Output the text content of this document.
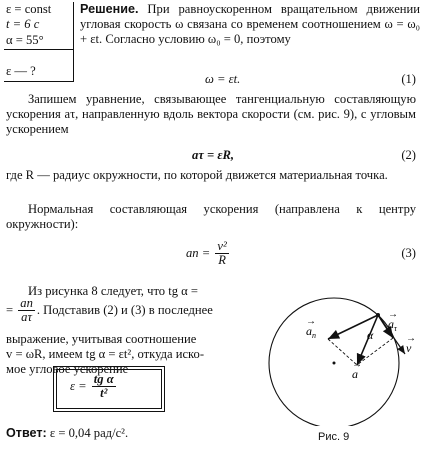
ε = const
t = 6 c
α = 55°
ε — ?
Решение. При равноускоренном вращательном движении угловая скорость ω связана со временем соотношением ω = ω₀ + εt. Согласно условию ω₀ = 0, поэтому
ω = εt.	(1)
Запишем уравнение, связывающее тангенциальную составляющую ускорения aτ, направленную вдоль вектора скорости (см. рис. 9), с угловым ускорением
aτ = εR,	(2)
где R — радиус окружности, по которой движется материальная точка.
Нормальная составляющая ускорения (направлена к центру окружности):
an = $\frac{\text{v²}}{R}$	(3)
Из рисунка 8 следует, что tg α =
= $\frac{an}{a\tau}$ . Подставив (2) и (3) в последнее
выражение, учитывая соотношение
v = ωR, имеем tg α = εt², откуда иско-
мое угловое ускорение
$\varepsilon = \frac{\text{tg α}}{\text{t²}}$
Ответ: ε = 0,04 рад/с².
$a_n$
→
α
$a_\tau$
→
a
→
v
→
Рис. 9
